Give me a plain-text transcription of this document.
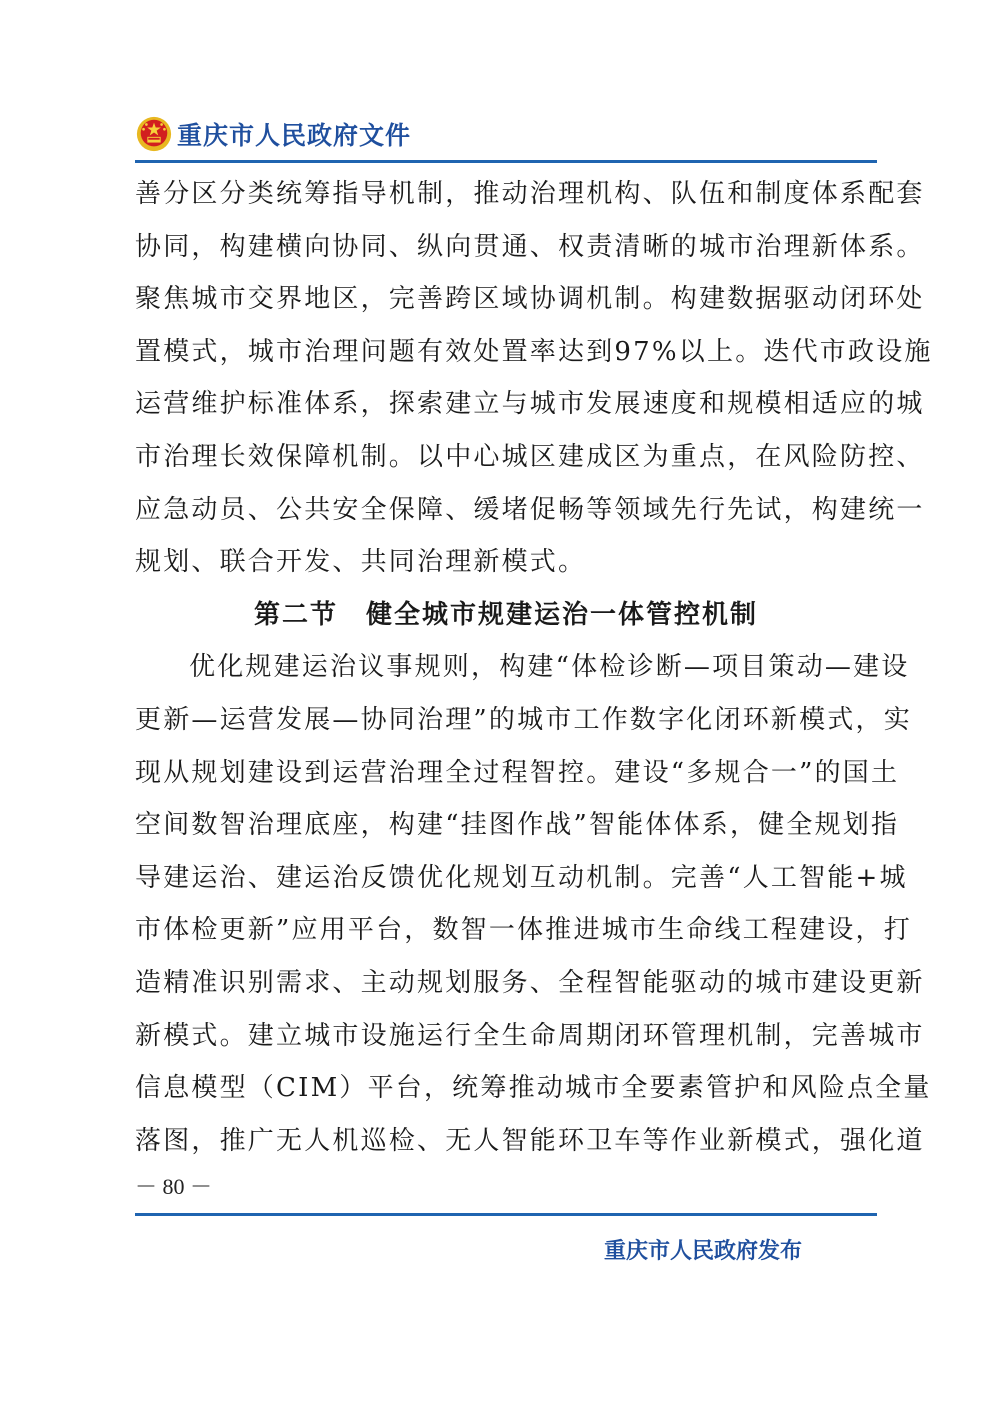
重庆市人民政府文件
善分区分类统筹指导机制，推动治理机构、队伍和制度体系配套
协同，构建横向协同、纵向贯通、权责清晰的城市治理新体系。
聚焦城市交界地区，完善跨区域协调机制。构建数据驱动闭环处
置模式，城市治理问题有效处置率达到97%以上。迭代市政设施
运营维护标准体系，探索建立与城市发展速度和规模相适应的城
市治理长效保障机制。以中心城区建成区为重点，在风险防控、
应急动员、公共安全保障、缓堵促畅等领域先行先试，构建统一
规划、联合开发、共同治理新模式。
第二节　健全城市规建运治一体管控机制
优化规建运治议事规则，构建“体检诊断—项目策动—建设
更新—运营发展—协同治理”的城市工作数字化闭环新模式，实
现从规划建设到运营治理全过程智控。建设“多规合一”的国土
空间数智治理底座，构建“挂图作战”智能体体系，健全规划指
导建运治、建运治反馈优化规划互动机制。完善“人工智能+城
市体检更新”应用平台，数智一体推进城市生命线工程建设，打
造精准识别需求、主动规划服务、全程智能驱动的城市建设更新
新模式。建立城市设施运行全生命周期闭环管理机制，完善城市
信息模型（CIM）平台，统筹推动城市全要素管护和风险点全量
落图，推广无人机巡检、无人智能环卫车等作业新模式，强化道
－ 80 －
重庆市人民政府发布
